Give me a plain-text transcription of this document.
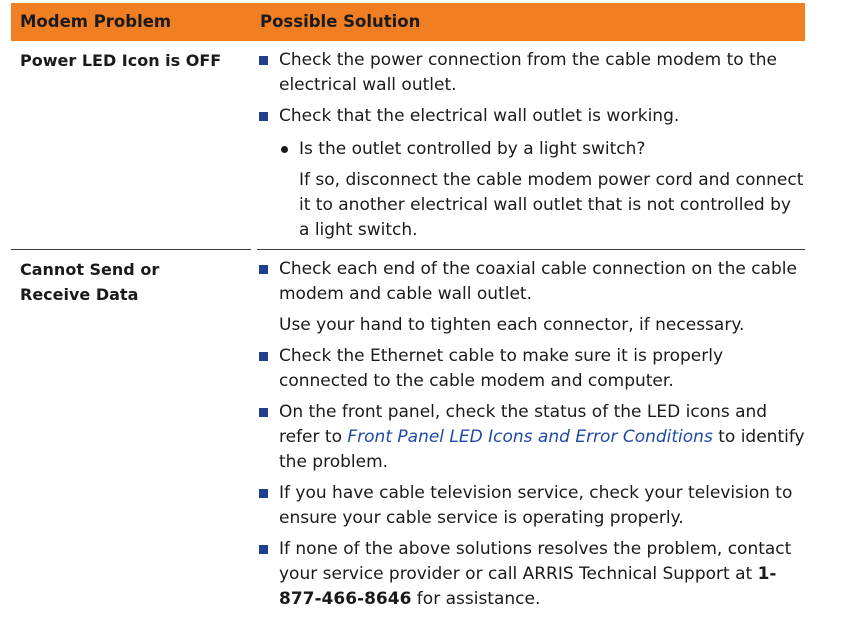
Modem Problem	Possible Solution
Power LED Icon is OFF	Check the power connection from the cable modem to the electrical wall outlet.
Check that the electrical wall outlet is working.
Is the outlet controlled by a light switch?
If so, disconnect the cable modem power cord and connect it to another electrical wall outlet that is not controlled by a light switch.
Cannot Send or
Receive Data
Check each end of the coaxial cable connection on the cable modem and cable wall outlet.
Use your hand to tighten each connector, if necessary.
Check the Ethernet cable to make sure it is properly connected to the cable modem and computer.
On the front panel, check the status of the LED icons and refer to Front Panel LED Icons and Error Conditions to identify the problem.
If you have cable television service, check your television to ensure your cable service is operating properly.
If none of the above solutions resolves the problem, contact your service provider or call ARRIS Technical Support at 1-877-466-8646 for assistance.
